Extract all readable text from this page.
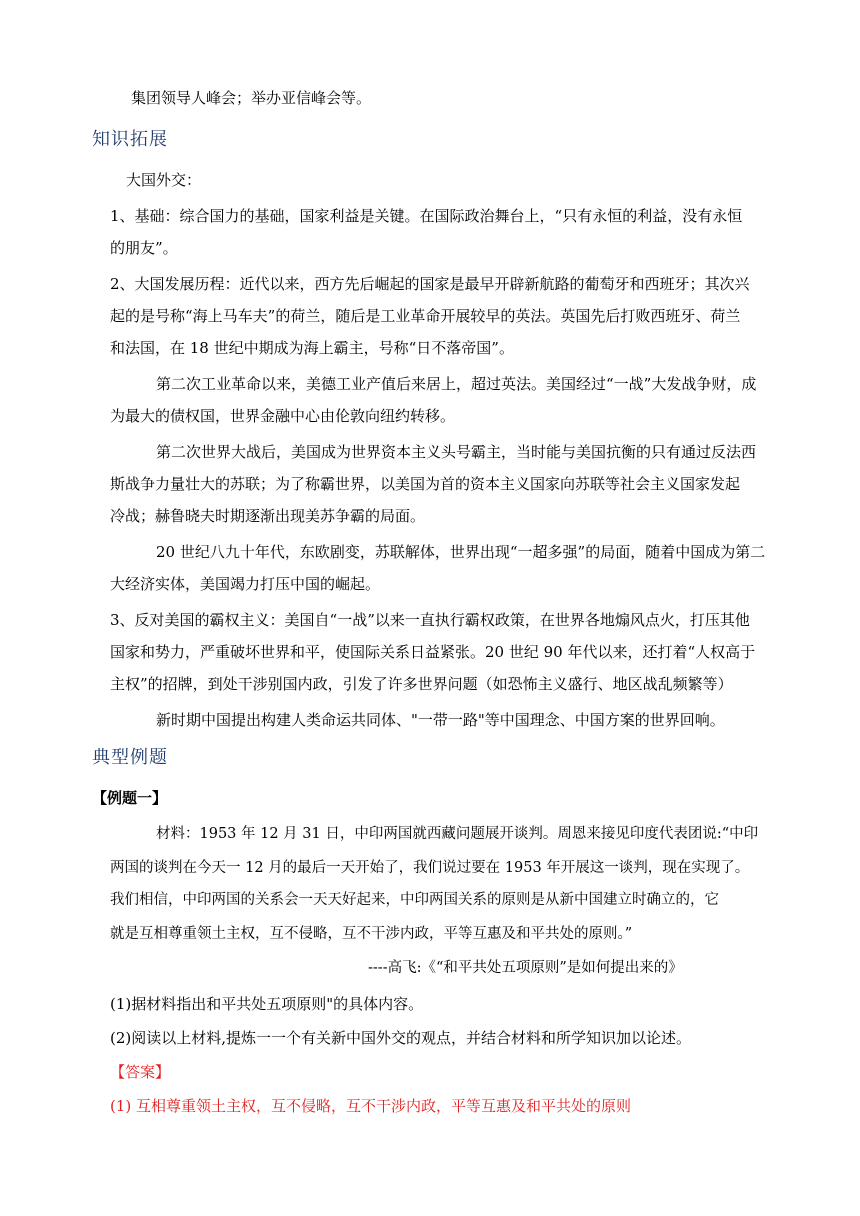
集团领导人峰会；举办亚信峰会等。
知识拓展
大国外交：
1、基础：综合国力的基础，国家利益是关键。在国际政治舞台上，“只有永恒的利益，没有永恒
的朋友”。
2、大国发展历程：近代以来，西方先后崛起的国家是最早开辟新航路的葡萄牙和西班牙；其次兴
起的是号称“海上马车夫”的荷兰，随后是工业革命开展较早的英法。英国先后打败西班牙、荷兰
和法国，在 18 世纪中期成为海上霸主，号称“日不落帝国”。
第二次工业革命以来，美德工业产值后来居上，超过英法。美国经过“一战”大发战争财，成
为最大的债权国，世界金融中心由伦敦向纽约转移。
第二次世界大战后，美国成为世界资本主义头号霸主，当时能与美国抗衡的只有通过反法西
斯战争力量壮大的苏联；为了称霸世界，以美国为首的资本主义国家向苏联等社会主义国家发起
冷战；赫鲁晓夫时期逐渐出现美苏争霸的局面。
20 世纪八九十年代，东欧剧变，苏联解体，世界出现“一超多强”的局面，随着中国成为第二
大经济实体，美国竭力打压中国的崛起。
3、反对美国的霸权主义：美国自“一战”以来一直执行霸权政策，在世界各地煽风点火，打压其他
国家和势力，严重破坏世界和平，使国际关系日益紧张。20 世纪 90 年代以来，还打着“人权高于
主权”的招牌，到处干涉别国内政，引发了许多世界问题（如恐怖主义盛行、地区战乱频繁等）
新时期中国提出构建人类命运共同体、"一带一路"等中国理念、中国方案的世界回响。
典型例题
【例题一】
材料：1953 年 12 月 31 日，中印两国就西藏问题展开谈判。周恩来接见印度代表团说:“中印
两国的谈判在今天一 12 月的最后一天开始了，我们说过要在 1953 年开展这一谈判，现在实现了。
我们相信，中印两国的关系会一天天好起来，中印两国关系的原则是从新中国建立时确立的，它
就是互相尊重领土主权，互不侵略，互不干涉内政，平等互惠及和平共处的原则。”
----高飞:《“和平共处五项原则”是如何提出来的》
(1)据材料指出和平共处五项原则"的具体内容。
(2)阅读以上材料,提炼一一个有关新中国外交的观点，并结合材料和所学知识加以论述。
【答案】
(1) 互相尊重领土主权，互不侵略，互不干涉内政，平等互惠及和平共处的原则
